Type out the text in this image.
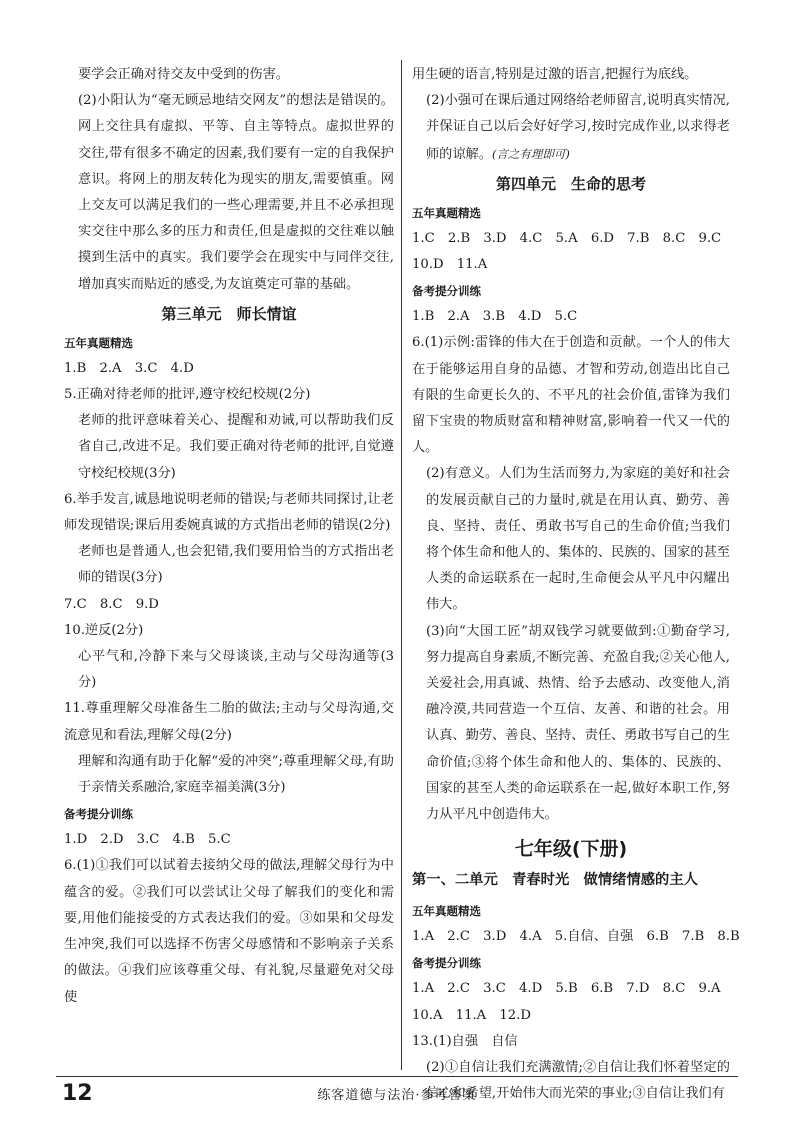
要学会正确对待交友中受到的伤害。

(2)小阳认为“毫无顾忌地结交网友”的想法是错误的。网上交往具有虚拟、平等、自主等特点。虚拟世界的交往,带有很多不确定的因素,我们要有一定的自我保护意识。将网上的朋友转化为现实的朋友,需要慎重。网上交友可以满足我们的一些心理需要,并且不必承担现实交往中那么多的压力和责任,但是虚拟的交往难以触摸到生活中的真实。我们要学会在现实中与同伴交往,增加真实而贴近的感受,为友谊奠定可靠的基础。

第三单元　师长情谊

五年真题精选

1.B　2.A　3.C　4.D

5.正确对待老师的批评,遵守校纪校规(2分)

老师的批评意味着关心、提醒和劝诫,可以帮助我们反省自己,改进不足。我们要正确对待老师的批评,自觉遵守校纪校规(3分)

6.举手发言,诚恳地说明老师的错误;与老师共同探讨,让老师发现错误;课后用委婉真诚的方式指出老师的错误(2分)

老师也是普通人,也会犯错,我们要用恰当的方式指出老师的错误(3分)

7.C　8.C　9.D

10.逆反(2分)

心平气和,冷静下来与父母谈谈,主动与父母沟通等(3分)

11.尊重理解父母准备生二胎的做法;主动与父母沟通,交流意见和看法,理解父母(2分)

理解和沟通有助于化解“爱的冲突”;尊重理解父母,有助于亲情关系融洽,家庭幸福美满(3分)

备考提分训练

1.D　2.D　3.C　4.B　5.C

6.(1)①我们可以试着去接纳父母的做法,理解父母行为中蕴含的爱。②我们可以尝试让父母了解我们的变化和需要,用他们能接受的方式表达我们的爱。③如果和父母发生冲突,我们可以选择不伤害父母感情和不影响亲子关系的做法。④我们应该尊重父母、有礼貌,尽量避免对父母使

用生硬的语言,特别是过激的语言,把握行为底线。

(2)小强可在课后通过网络给老师留言,说明真实情况,并保证自己以后会好好学习,按时完成作业,以求得老师的谅解。(言之有理即可)

第四单元　生命的思考

五年真题精选

1.C　2.B　3.D　4.C　5.A　6.D　7.B　8.C　9.C

10.D　11.A

备考提分训练

1.B　2.A　3.B　4.D　5.C

6.(1)示例:雷锋的伟大在于创造和贡献。一个人的伟大在于能够运用自身的品德、才智和劳动,创造出比自己有限的生命更长久的、不平凡的社会价值,雷锋为我们留下宝贵的物质财富和精神财富,影响着一代又一代的人。

(2)有意义。人们为生活而努力,为家庭的美好和社会的发展贡献自己的力量时,就是在用认真、勤劳、善良、坚持、责任、勇敢书写自己的生命价值;当我们将个体生命和他人的、集体的、民族的、国家的甚至人类的命运联系在一起时,生命便会从平凡中闪耀出伟大。

(3)向“大国工匠”胡双钱学习就要做到:①勤奋学习,努力提高自身素质,不断完善、充盈自我;②关心他人,关爱社会,用真诚、热情、给予去感动、改变他人,消融冷漠,共同营造一个互信、友善、和谐的社会。用认真、勤劳、善良、坚持、责任、勇敢书写自己的生命价值;③将个体生命和他人的、集体的、民族的、国家的甚至人类的命运联系在一起,做好本职工作,努力从平凡中创造伟大。

七年级(下册)
第一、二单元　青春时光　做情绪情感的主人

五年真题精选

1.A　2.C　3.D　4.A　5.自信、自强　6.B　7.B　8.B

备考提分训练

1.A　2.C　3.C　4.D　5.B　6.B　7.D　8.C　9.A

10.A　11.A　12.D

13.(1)自强　自信

(2)①自信让我们充满激情;②自信让我们怀着坚定的信心和希望,开始伟大而光荣的事业;③自信让我们有

12	练客道德与法治·参考答案
